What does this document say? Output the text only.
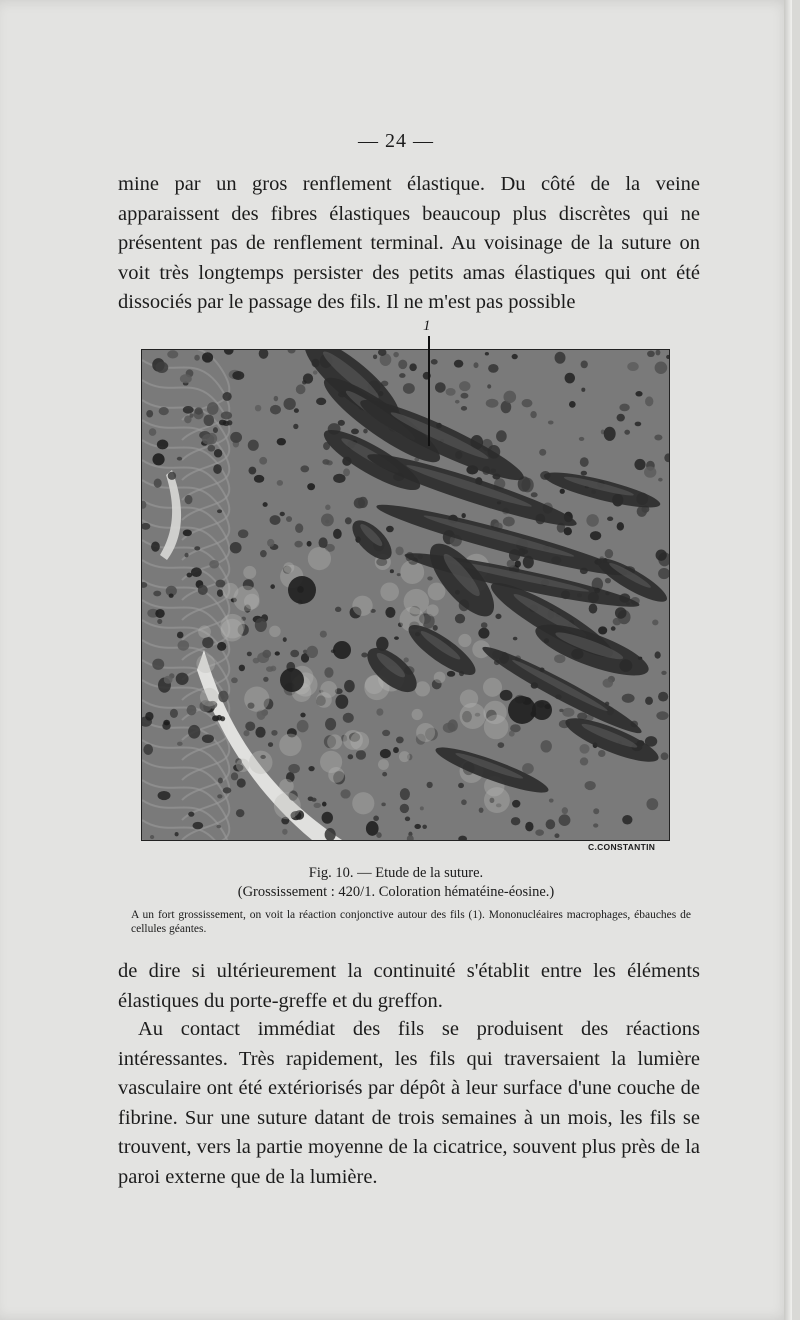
— 24 —

mine par un gros renflement élastique. Du côté de la veine apparaissent des fibres élastiques beaucoup plus discrètes qui ne présentent pas de renflement terminal. Au voisinage de la suture on voit très longtemps persister des petits amas élastiques qui ont été dissociés par le passage des fils. Il ne m'est pas possible

1
C.CONSTANTIN
Fig. 10. — Etude de la suture.
(Grossissement : 420/1. Coloration hématéine-éosine.)

A un fort grossissement, on voit la réaction conjonctive autour des fils (1). Mononucléaires macrophages, ébauches de cellules géantes.

de dire si ultérieurement la continuité s'établit entre les éléments élastiques du porte-greffe et du greffon.

Au contact immédiat des fils se produisent des réactions intéressantes. Très rapidement, les fils qui traversaient la lumière vasculaire ont été extériorisés par dépôt à leur surface d'une couche de fibrine. Sur une suture datant de trois semaines à un mois, les fils se trouvent, vers la partie moyenne de la cicatrice, souvent plus près de la paroi externe que de la lumière.
